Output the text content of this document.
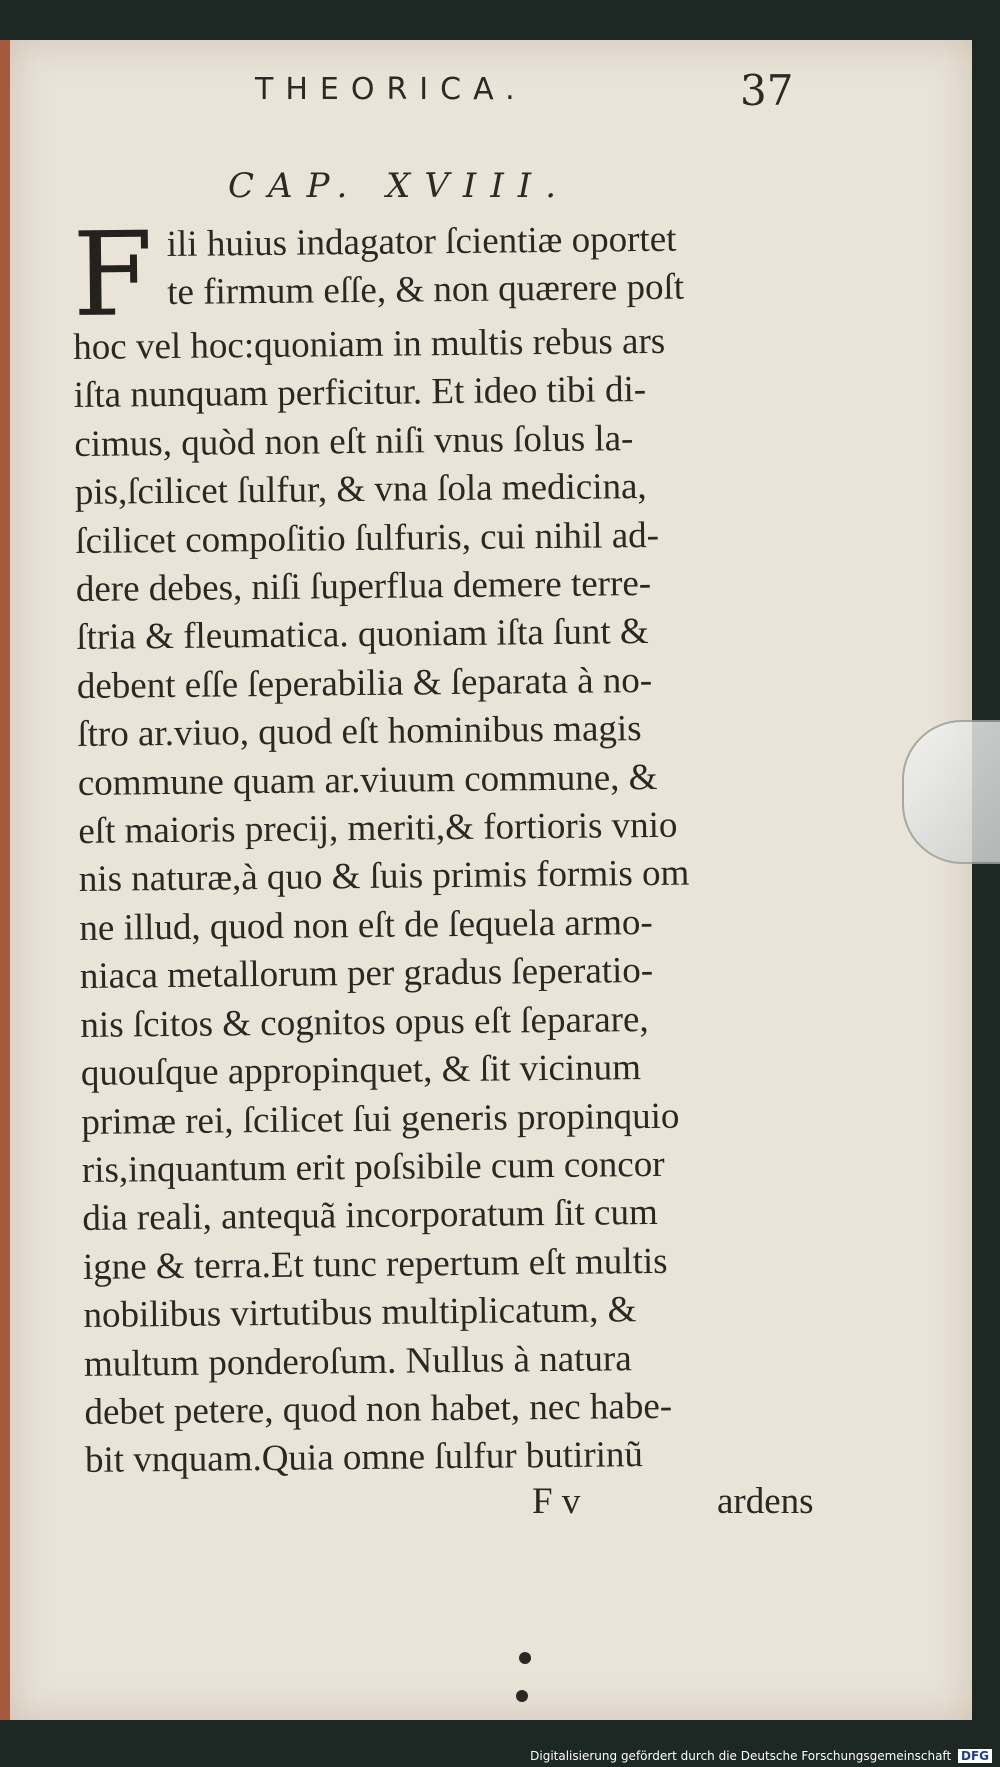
THEORICA.	37
CAP. XVIII.
F ili huius indagator ſcientiæ oportet
te firmum eſſe, & non quærere poſt
hoc vel hoc:quoniam in multis rebus ars
iſta nunquam perficitur. Et ideo tibi di-
cimus, quòd non eſt niſi vnus ſolus la-
pis,ſcilicet ſulfur, & vna ſola medicina,
ſcilicet compoſitio ſulfuris, cui nihil ad-
dere debes, niſi ſuperflua demere terre-
ſtria & fleumatica. quoniam iſta ſunt &
debent eſſe ſeperabilia & ſeparata à no-
ſtro ar.viuo, quod eſt hominibus magis
commune quam ar.viuum commune, &
eſt maioris precij, meriti,& fortioris vnio
nis naturæ,à quo & ſuis primis formis om
ne illud, quod non eſt de ſequela armo-
niaca metallorum per gradus ſeperatio-
nis ſcitos & cognitos opus eſt ſeparare,
quouſque appropinquet, & ſit vicinum
primæ rei, ſcilicet ſui generis propinquio
ris,inquantum erit poſsibile cum concor
dia reali, antequã incorporatum ſit cum
igne & terra.Et tunc repertum eſt multis
nobilibus virtutibus multiplicatum, &
multum ponderoſum. Nullus à natura
debet petere, quod non habet, nec habe-
bit vnquam.Quia omne ſulfur butirinũ
F v	ardens
Digitalisierung gefördert durch die Deutsche Forschungsgemeinschaft DFG
